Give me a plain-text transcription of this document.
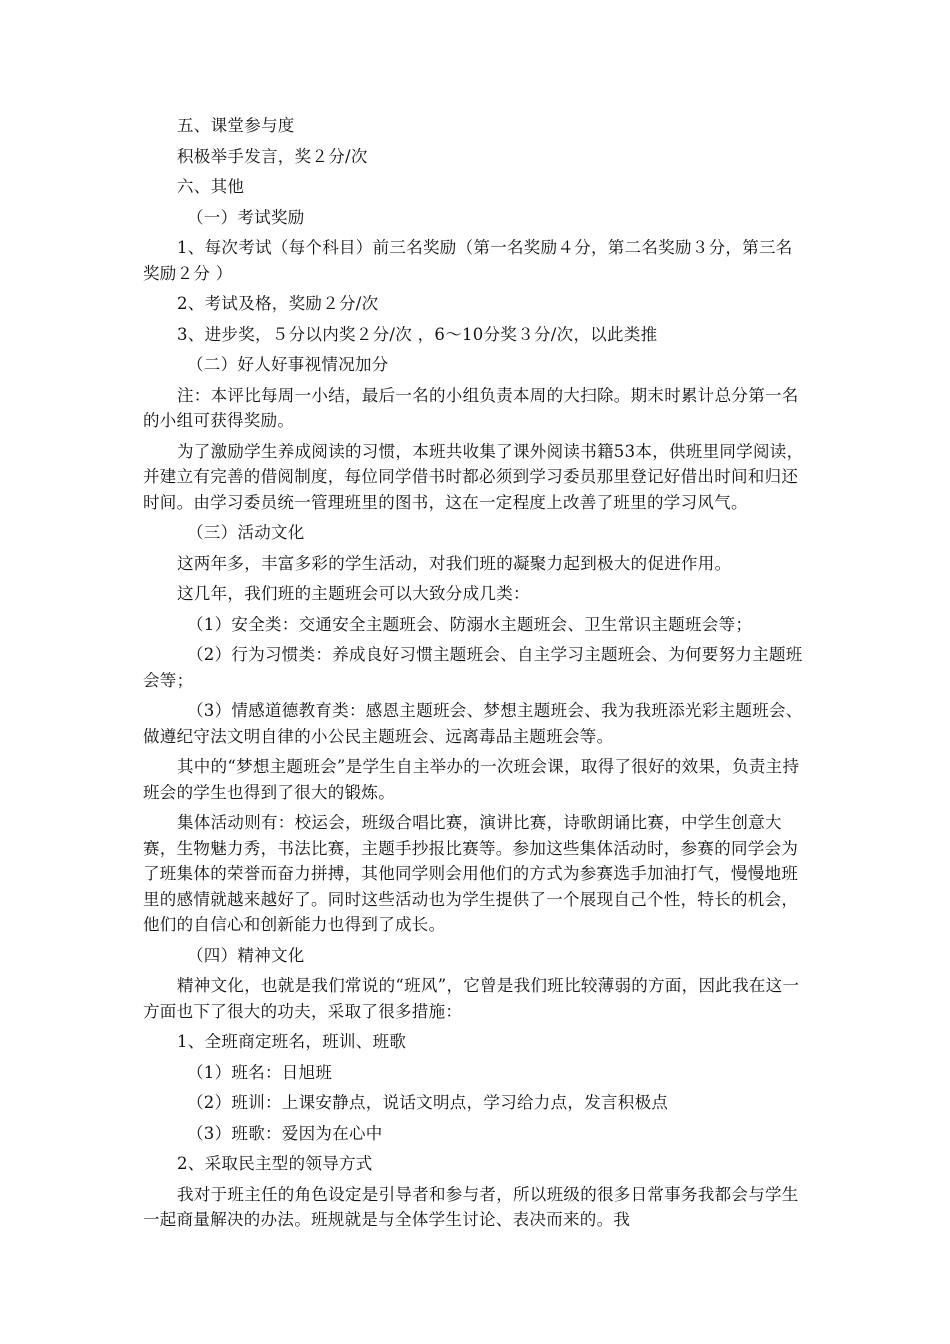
五、课堂参与度

积极举手发言，奖２分/次

六、其他

（一）考试奖励

1、每次考试（每个科目）前三名奖励（第一名奖励４分，第二名奖励３分，第三名奖励２分 ）

2、考试及格，奖励２分/次

3、进步奖，５分以内奖２分/次 ，6～10分奖３分/次，以此类推

（二）好人好事视情况加分

注：本评比每周一小结，最后一名的小组负责本周的大扫除。期末时累计总分第一名的小组可获得奖励。

为了激励学生养成阅读的习惯，本班共收集了课外阅读书籍53本，供班里同学阅读，并建立有完善的借阅制度，每位同学借书时都必须到学习委员那里登记好借出时间和归还时间。由学习委员统一管理班里的图书，这在一定程度上改善了班里的学习风气。

（三）活动文化

这两年多，丰富多彩的学生活动，对我们班的凝聚力起到极大的促进作用。

这几年，我们班的主题班会可以大致分成几类：

（1）安全类：交通安全主题班会、防溺水主题班会、卫生常识主题班会等；

（2）行为习惯类：养成良好习惯主题班会、自主学习主题班会、为何要努力主题班会等；

（3）情感道德教育类：感恩主题班会、梦想主题班会、我为我班添光彩主题班会、做遵纪守法文明自律的小公民主题班会、远离毒品主题班会等。

其中的“梦想主题班会”是学生自主举办的一次班会课，取得了很好的效果，负责主持班会的学生也得到了很大的锻炼。

集体活动则有：校运会，班级合唱比赛，演讲比赛，诗歌朗诵比赛，中学生创意大赛，生物魅力秀，书法比赛，主题手抄报比赛等。参加这些集体活动时，参赛的同学会为了班集体的荣誉而奋力拼搏，其他同学则会用他们的方式为参赛选手加油打气，慢慢地班里的感情就越来越好了。同时这些活动也为学生提供了一个展现自己个性，特长的机会，他们的自信心和创新能力也得到了成长。

（四）精神文化

精神文化，也就是我们常说的“班风”，它曾是我们班比较薄弱的方面，因此我在这一方面也下了很大的功夫，采取了很多措施：

1、全班商定班名，班训、班歌

（1）班名：日旭班

（2）班训：上课安静点，说话文明点，学习给力点，发言积极点

（3）班歌：爱因为在心中

2、采取民主型的领导方式

我对于班主任的角色设定是引导者和参与者，所以班级的很多日常事务我都会与学生一起商量解决的办法。班规就是与全体学生讨论、表决而来的。我
